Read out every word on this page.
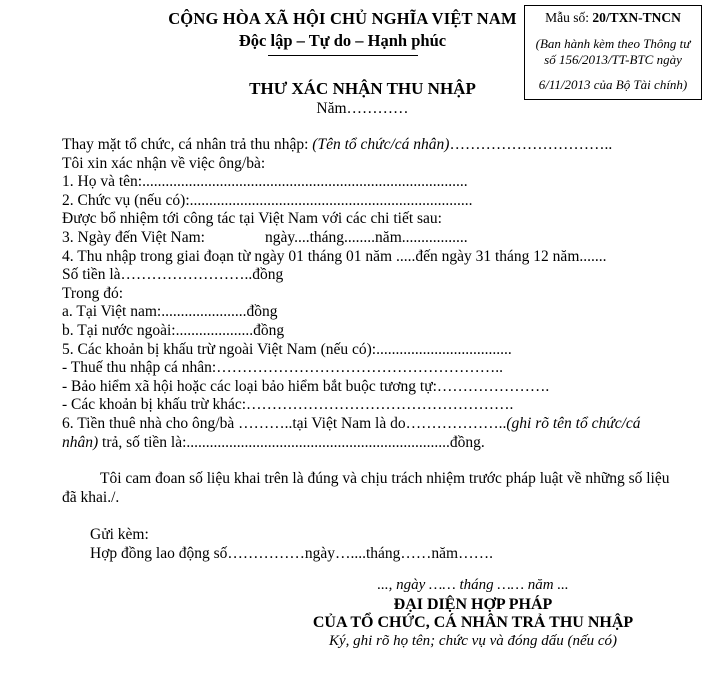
CỘNG HÒA XÃ HỘI CHỦ NGHĨA VIỆT NAM
Độc lập – Tự do – Hạnh phúc
Mẫu số: 20/TXN-TNCN
(Ban hành kèm theo Thông tư số 156/2013/TT-BTC ngày
6/11/2013 của Bộ Tài chính)
THƯ XÁC NHẬN THU NHẬP
Năm…………
Thay mặt tổ chức, cá nhân trả thu nhập: (Tên tổ chức/cá nhân)…………………………..
Tôi xin xác nhận về việc ông/bà:
1. Họ và tên:....................................................................................
2. Chức vụ (nếu có):.........................................................................
Được bổ nhiệm tới công tác tại Việt Nam với các chi tiết sau:
3. Ngày đến Việt Nam:	ngày....tháng........năm.................
4. Thu nhập trong giai đoạn từ ngày 01 tháng 01 năm .....đến ngày 31 tháng 12 năm.......
Số tiền là……………………..đồng
Trong đó:
a. Tại Việt nam:......................đồng
b. Tại nước ngoài:....................đồng
5. Các khoản bị khấu trừ ngoài Việt Nam (nếu có):...................................
- Thuế thu nhập cá nhân:………………………………………………..
- Bảo hiểm xã hội hoặc các loại bảo hiểm bắt buộc tương tự:………………….
- Các khoản bị khấu trừ khác:…………………………………………….
6. Tiền thuê nhà cho ông/bà ………..tại Việt Nam là do………………..(ghi rõ tên tổ chức/cá
nhân) trả, số tiền là:....................................................................đồng.
Tôi cam đoan số liệu khai trên là đúng và chịu trách nhiệm trước pháp luật về những số liệu đã khai./.
Gửi kèm:
Hợp đồng lao động số……………ngày…....tháng……năm…….
..., ngày …… tháng …… năm ...
ĐẠI DIỆN HỢP PHÁP
CỦA TỔ CHỨC, CÁ NHÂN TRẢ THU NHẬP
Ký, ghi rõ họ tên; chức vụ và đóng dấu (nếu có)
